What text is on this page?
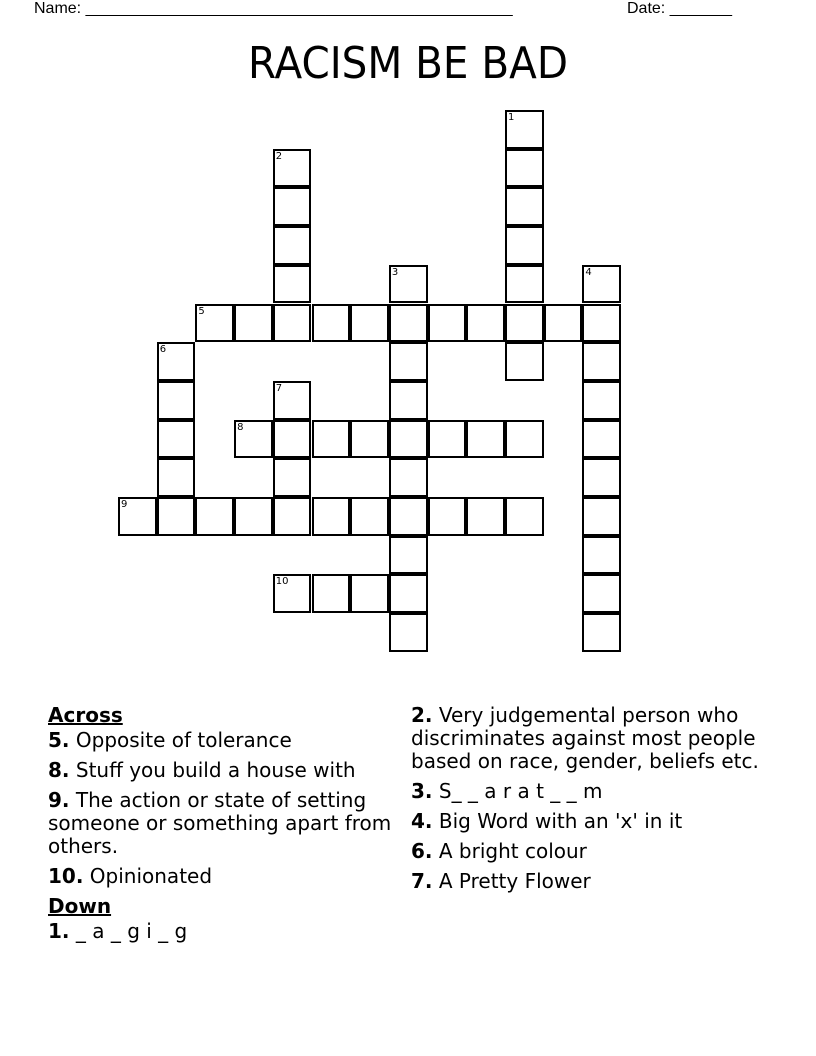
Name: ________________________________________________	Date: _______
RACISM BE BAD
1
2
3	4
5
6
7
8
9
10
Across
5. Opposite of tolerance
8. Stuff you build a house with
9. The action or state of setting someone or something apart from others.
10. Opinionated
Down
1. _ a _ g i _ g
2. Very judgemental person who discriminates against most people based on race, gender, beliefs etc.
3. S_ _ a r a t _ _ m
4. Big Word with an 'x' in it
6. A bright colour
7. A Pretty Flower
